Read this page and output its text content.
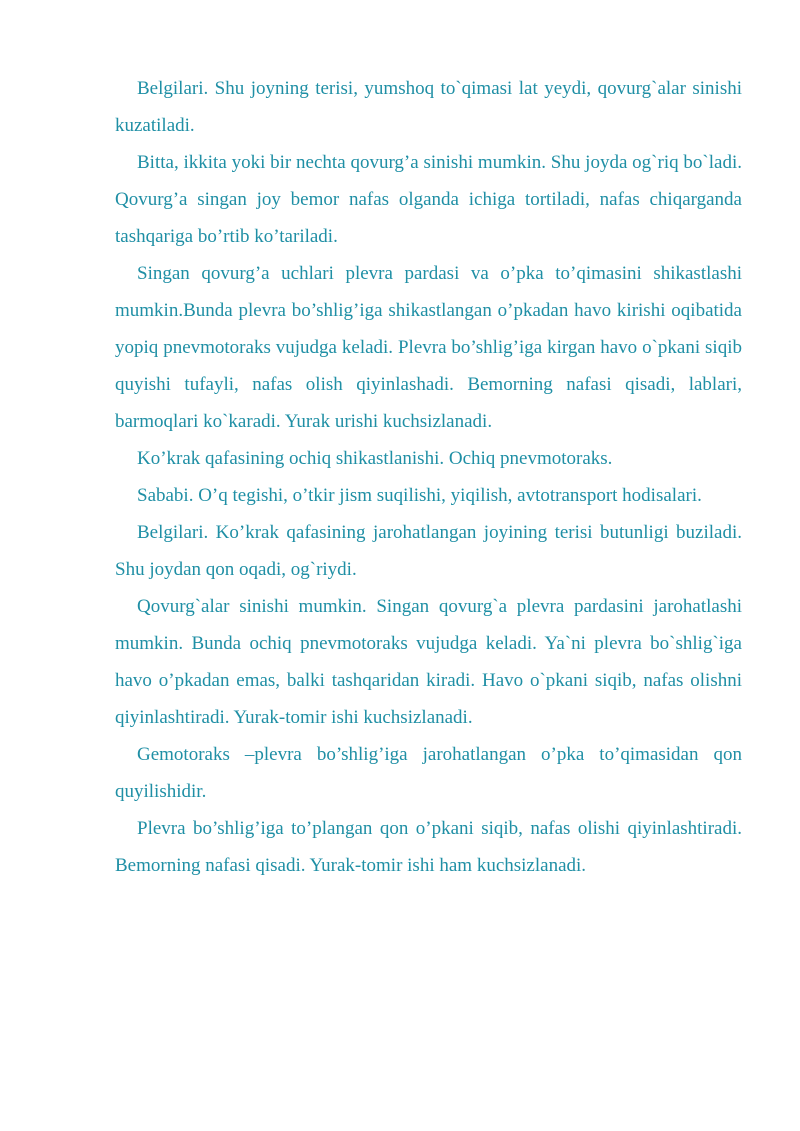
Belgilari. Shu joyning terisi, yumshoq to`qimasi lat yeydi, qovurg`alar sinishi kuzatiladi.

Bitta, ikkita yoki bir nechta qovurg’a sinishi mumkin. Shu joyda og`riq bo`ladi. Qovurg’a singan joy bemor nafas olganda ichiga tortiladi, nafas chiqarganda tashqariga bo’rtib ko’tariladi.

Singan qovurg’a uchlari plevra pardasi va o’pka to’qimasini shikastlashi mumkin.Bunda plevra bo’shlig’iga shikastlangan o’pkadan havo kirishi oqibatida yopiq pnevmotoraks vujudga keladi. Plevra bo’shlig’iga kirgan havo o`pkani siqib quyishi tufayli, nafas olish qiyinlashadi. Bemorning nafasi qisadi, lablari, barmoqlari ko`karadi. Yurak urishi kuchsizlanadi.

Ko’krak qafasining ochiq shikastlanishi. Ochiq pnevmotoraks.

Sababi. O’q tegishi, o’tkir jism suqilishi, yiqilish, avtotransport hodisalari.

Belgilari. Ko’krak qafasining jarohatlangan joyining terisi butunligi buziladi. Shu joydan qon oqadi, og`riydi.

Qovurg`alar sinishi mumkin. Singan qovurg`a plevra pardasini jarohatlashi mumkin. Bunda ochiq pnevmotoraks vujudga keladi. Ya`ni plevra bo`shlig`iga havo o’pkadan emas, balki tashqaridan kiradi. Havo o`pkani siqib, nafas olishni qiyinlashtiradi. Yurak-tomir ishi kuchsizlanadi.

Gemotoraks –plevra bo’shlig’iga jarohatlangan o’pka to’qimasidan qon quyilishidir.

Plevra bo’shlig’iga to’plangan qon o’pkani siqib, nafas olishi qiyinlashtiradi. Bemorning nafasi qisadi. Yurak-tomir ishi ham kuchsizlanadi.
